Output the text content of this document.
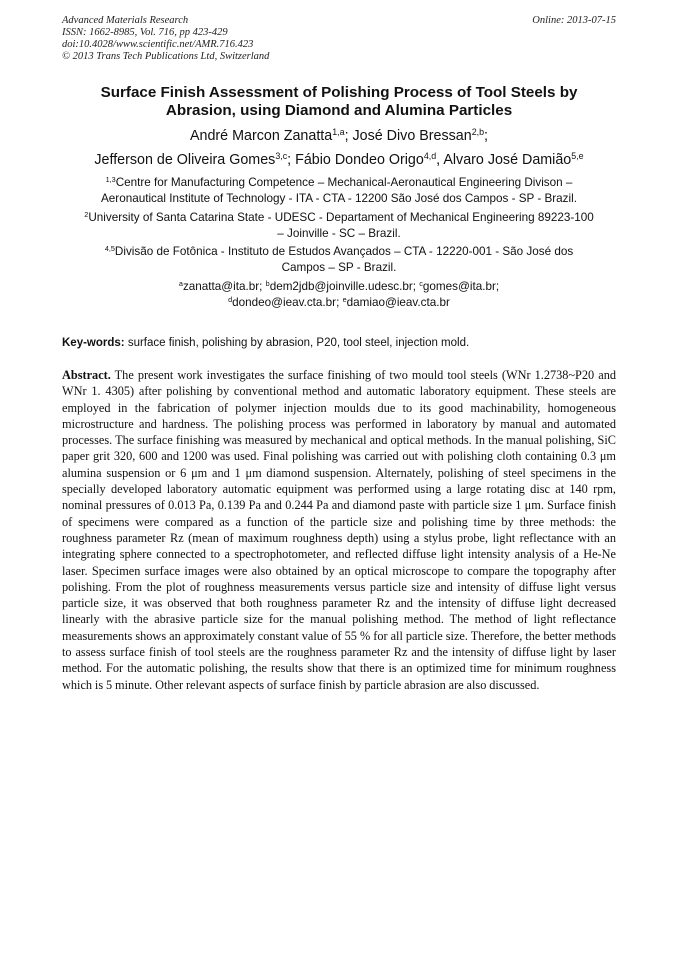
Advanced Materials Research
ISSN: 1662-8985, Vol. 716, pp 423-429
doi:10.4028/www.scientific.net/AMR.716.423
© 2013 Trans Tech Publications Ltd, Switzerland
Online: 2013-07-15
Surface Finish Assessment of Polishing Process of Tool Steels by
Abrasion, using Diamond and Alumina Particles
André Marcon Zanatta$^{1,a}$; José Divo Bressan$^{2,b}$;
Jefferson de Oliveira Gomes$^{3,c}$; Fábio Dondeo Origo$^{4,d}$, Alvaro José Damião$^{5,e}$
$^{1,3}$Centre for Manufacturing Competence – Mechanical-Aeronautical Engineering Divison –
Aeronautical Institute of Technology - ITA - CTA - 12200 São José dos Campos - SP - Brazil.
$^2$University of Santa Catarina State - UDESC - Departament of Mechanical Engineering 89223-100
– Joinville - SC – Brazil.
$^{4,5}$Divisão de Fotônica - Instituto de Estudos Avançados – CTA - 12220-001 - São José dos
Campos – SP - Brazil.
$^a$zanatta@ita.br; $^b$dem2jdb@joinville.udesc.br; $^c$gomes@ita.br;
$^d$dondeo@ieav.cta.br; $^e$damiao@ieav.cta.br
Key-words: surface finish, polishing by abrasion, P20, tool steel, injection mold.

Abstract. The present work investigates the surface finishing of two mould tool steels (WNr 1.2738~P20 and WNr 1. 4305) after polishing by conventional method and automatic laboratory equipment. These steels are employed in the fabrication of polymer injection moulds due to its good machinability, homogeneous microstructure and hardness. The polishing process was performed in laboratory by manual and automated processes. The surface finishing was measured by mechanical and optical methods. In the manual polishing, SiC paper grit 320, 600 and 1200 was used. Final polishing was carried out with polishing cloth containing 0.3 μm alumina suspension or 6 μm and 1 μm diamond suspension. Alternately, polishing of steel specimens in the specially developed laboratory automatic equipment was performed using a large rotating disc at 140 rpm, nominal pressures of 0.013 Pa, 0.139 Pa and 0.244 Pa and diamond paste with particle size 1 μm. Surface finish of specimens were compared as a function of the particle size and polishing time by three methods: the roughness parameter Rz (mean of maximum roughness depth) using a stylus probe, light reflectance with an integrating sphere connected to a spectrophotometer, and reflected diffuse light intensity analysis of a He-Ne laser. Specimen surface images were also obtained by an optical microscope to compare the topography after polishing. From the plot of roughness measurements versus particle size and intensity of diffuse light versus particle size, it was observed that both roughness parameter Rz and the intensity of diffuse light decreased linearly with the abrasive particle size for the manual polishing method. The method of light reflectance measurements shows an approximately constant value of 55 % for all particle size. Therefore, the better methods to assess surface finish of tool steels are the roughness parameter Rz and the intensity of diffuse light by laser method. For the automatic polishing, the results show that there is an optimized time for minimum roughness which is 5 minute. Other relevant aspects of surface finish by particle abrasion are also discussed.
